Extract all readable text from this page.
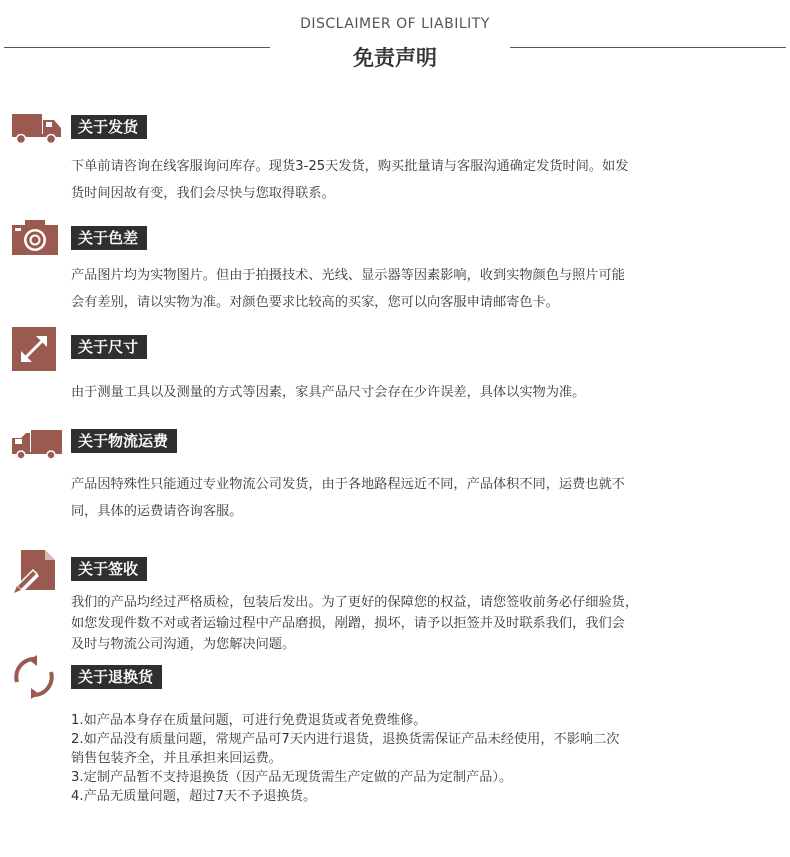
DISCLAIMER OF LIABILITY
免责声明
关于发货

下单前请咨询在线客服询问库存。现货3-25天发货，购买批量请与客服沟通确定发货时间。如发

货时间因故有变，我们会尽快与您取得联系。

关于色差

产品图片均为实物图片。但由于拍摄技术、光线、显示器等因素影响，收到实物颜色与照片可能

会有差别，请以实物为准。对颜色要求比较高的买家，您可以向客服申请邮寄色卡。

关于尺寸

由于测量工具以及测量的方式等因素，家具产品尺寸会存在少许误差，具体以实物为准。

关于物流运费

产品因特殊性只能通过专业物流公司发货，由于各地路程远近不同，产品体积不同，运费也就不

同，具体的运费请咨询客服。

关于签收

我们的产品均经过严格质检，包装后发出。为了更好的保障您的权益，请您签收前务必仔细验货，

如您发现件数不对或者运输过程中产品磨损，剐蹭，损坏，请予以拒签并及时联系我们，我们会

及时与物流公司沟通，为您解决问题。

关于退换货

1.如产品本身存在质量问题，可进行免费退货或者免费维修。

2.如产品没有质量问题，常规产品可7天内进行退货，退换货需保证产品未经使用，不影响二次

销售包装齐全，并且承担来回运费。

3.定制产品暂不支持退换货（因产品无现货需生产定做的产品为定制产品）。

4.产品无质量问题，超过7天不予退换货。
